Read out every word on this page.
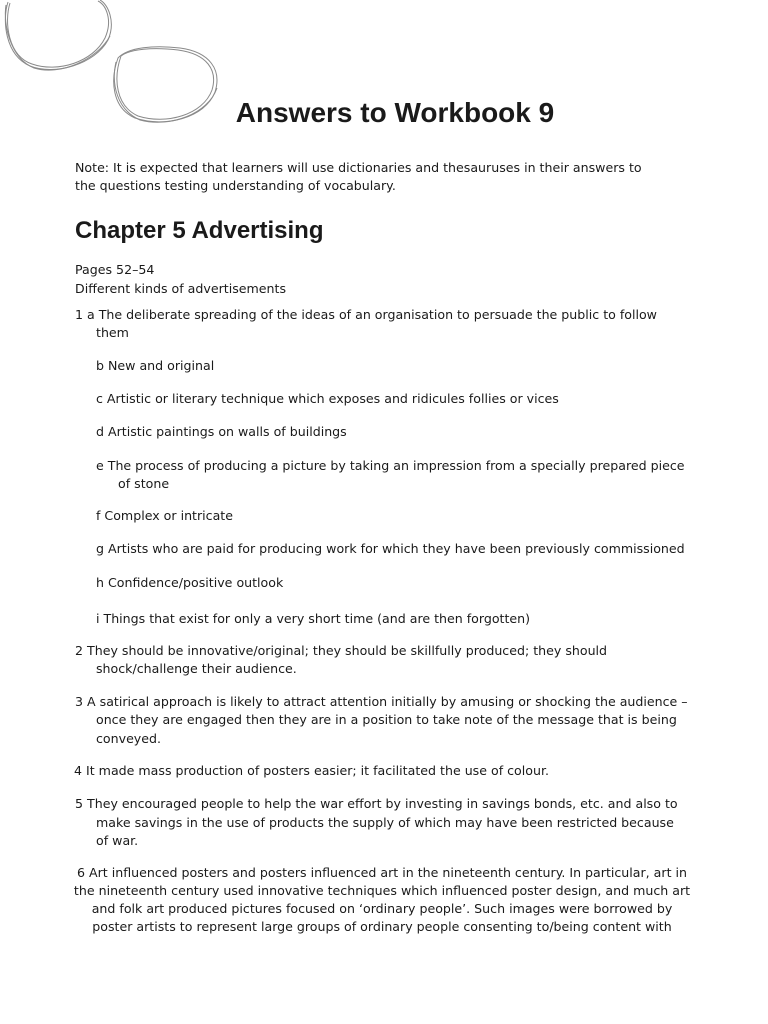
Answers to Workbook 9

Note: It is expected that learners will use dictionaries and thesauruses in their answers to

the questions testing understanding of vocabulary.

Chapter 5 Advertising

Pages 52–54

Different kinds of advertisements

1 a The deliberate spreading of the ideas of an organisation to persuade the public to follow

them

b New and original

c Artistic or literary technique which exposes and ridicules follies or vices

d Artistic paintings on walls of buildings

e The process of producing a picture by taking an impression from a specially prepared piece

of stone

f Complex or intricate

g Artists who are paid for producing work for which they have been previously commissioned

h Confidence/positive outlook

i Things that exist for only a very short time (and are then forgotten)

2 They should be innovative/original; they should be skillfully produced; they should

shock/challenge their audience.

3 A satirical approach is likely to attract attention initially by amusing or shocking the audience –

once they are engaged then they are in a position to take note of the message that is being

conveyed.

4 It made mass production of posters easier; it facilitated the use of colour.

5 They encouraged people to help the war effort by investing in savings bonds, etc. and also to

make savings in the use of products the supply of which may have been restricted because

of war.

6 Art influenced posters and posters influenced art in the nineteenth century. In particular, art in
the nineteenth century used innovative techniques which influenced poster design, and much art
and folk art produced pictures focused on ‘ordinary people’. Such images were borrowed by
poster artists to represent large groups of ordinary people consenting to/being content with
